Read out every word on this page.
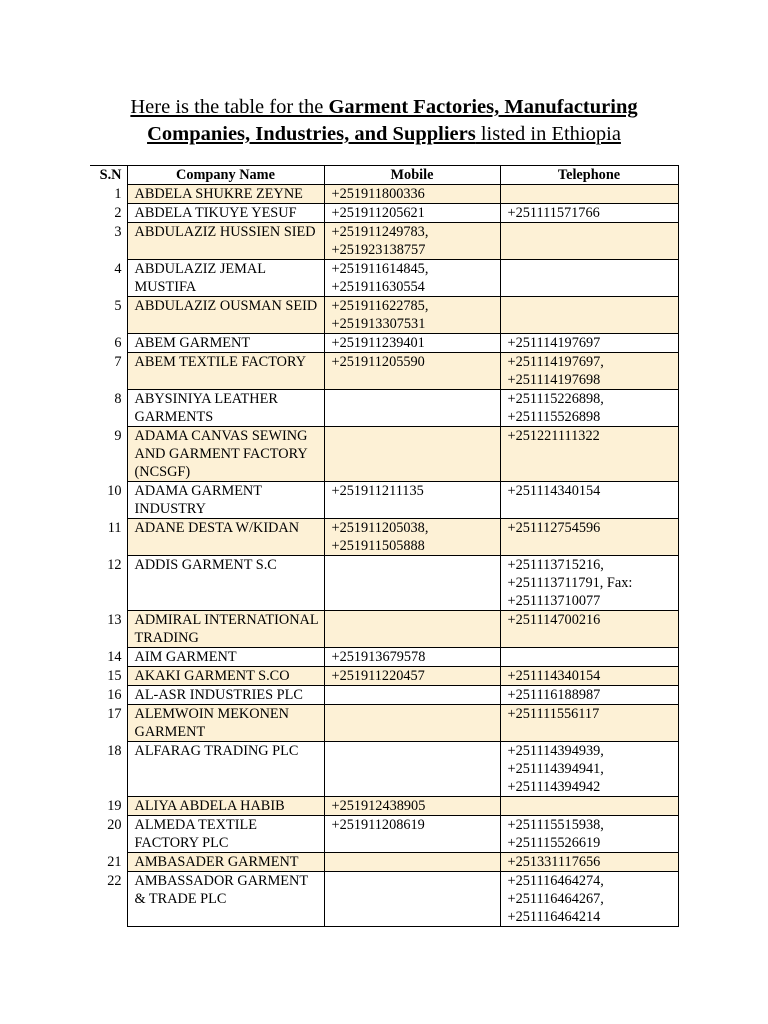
Here is the table for the Garment Factories, Manufacturing Companies, Industries, and Suppliers listed in Ethiopia
S.N	Company Name	Mobile	Telephone
1	ABDELA SHUKRE ZEYNE	+251911800336	
2	ABDELA TIKUYE YESUF	+251911205621	+251111571766
3	ABDULAZIZ HUSSIEN SIED	+251911249783, +251923138757	
4	ABDULAZIZ JEMAL MUSTIFA	+251911614845, +251911630554	
5	ABDULAZIZ OUSMAN SEID	+251911622785, +251913307531	
6	ABEM GARMENT	+251911239401	+251114197697
7	ABEM TEXTILE FACTORY	+251911205590	+251114197697, +251114197698
8	ABYSINIYA LEATHER GARMENTS		+251115226898, +251115526898
9	ADAMA CANVAS SEWING AND GARMENT FACTORY (NCSGF)		+251221111322
10	ADAMA GARMENT INDUSTRY	+251911211135	+251114340154
11	ADANE DESTA W/KIDAN	+251911205038, +251911505888	+251112754596
12	ADDIS GARMENT S.C		+251113715216, +251113711791, Fax: +251113710077
13	ADMIRAL INTERNATIONAL TRADING		+251114700216
14	AIM GARMENT	+251913679578	
15	AKAKI GARMENT S.CO	+251911220457	+251114340154
16	AL-ASR INDUSTRIES PLC		+251116188987
17	ALEMWOIN MEKONEN GARMENT		+251111556117
18	ALFARAG TRADING PLC		+251114394939, +251114394941, +251114394942
19	ALIYA ABDELA HABIB	+251912438905	
20	ALMEDA TEXTILE FACTORY PLC	+251911208619	+251115515938, +251115526619
21	AMBASADER GARMENT		+251331117656
22	AMBASSADOR GARMENT & TRADE PLC		+251116464274, +251116464267, +251116464214
